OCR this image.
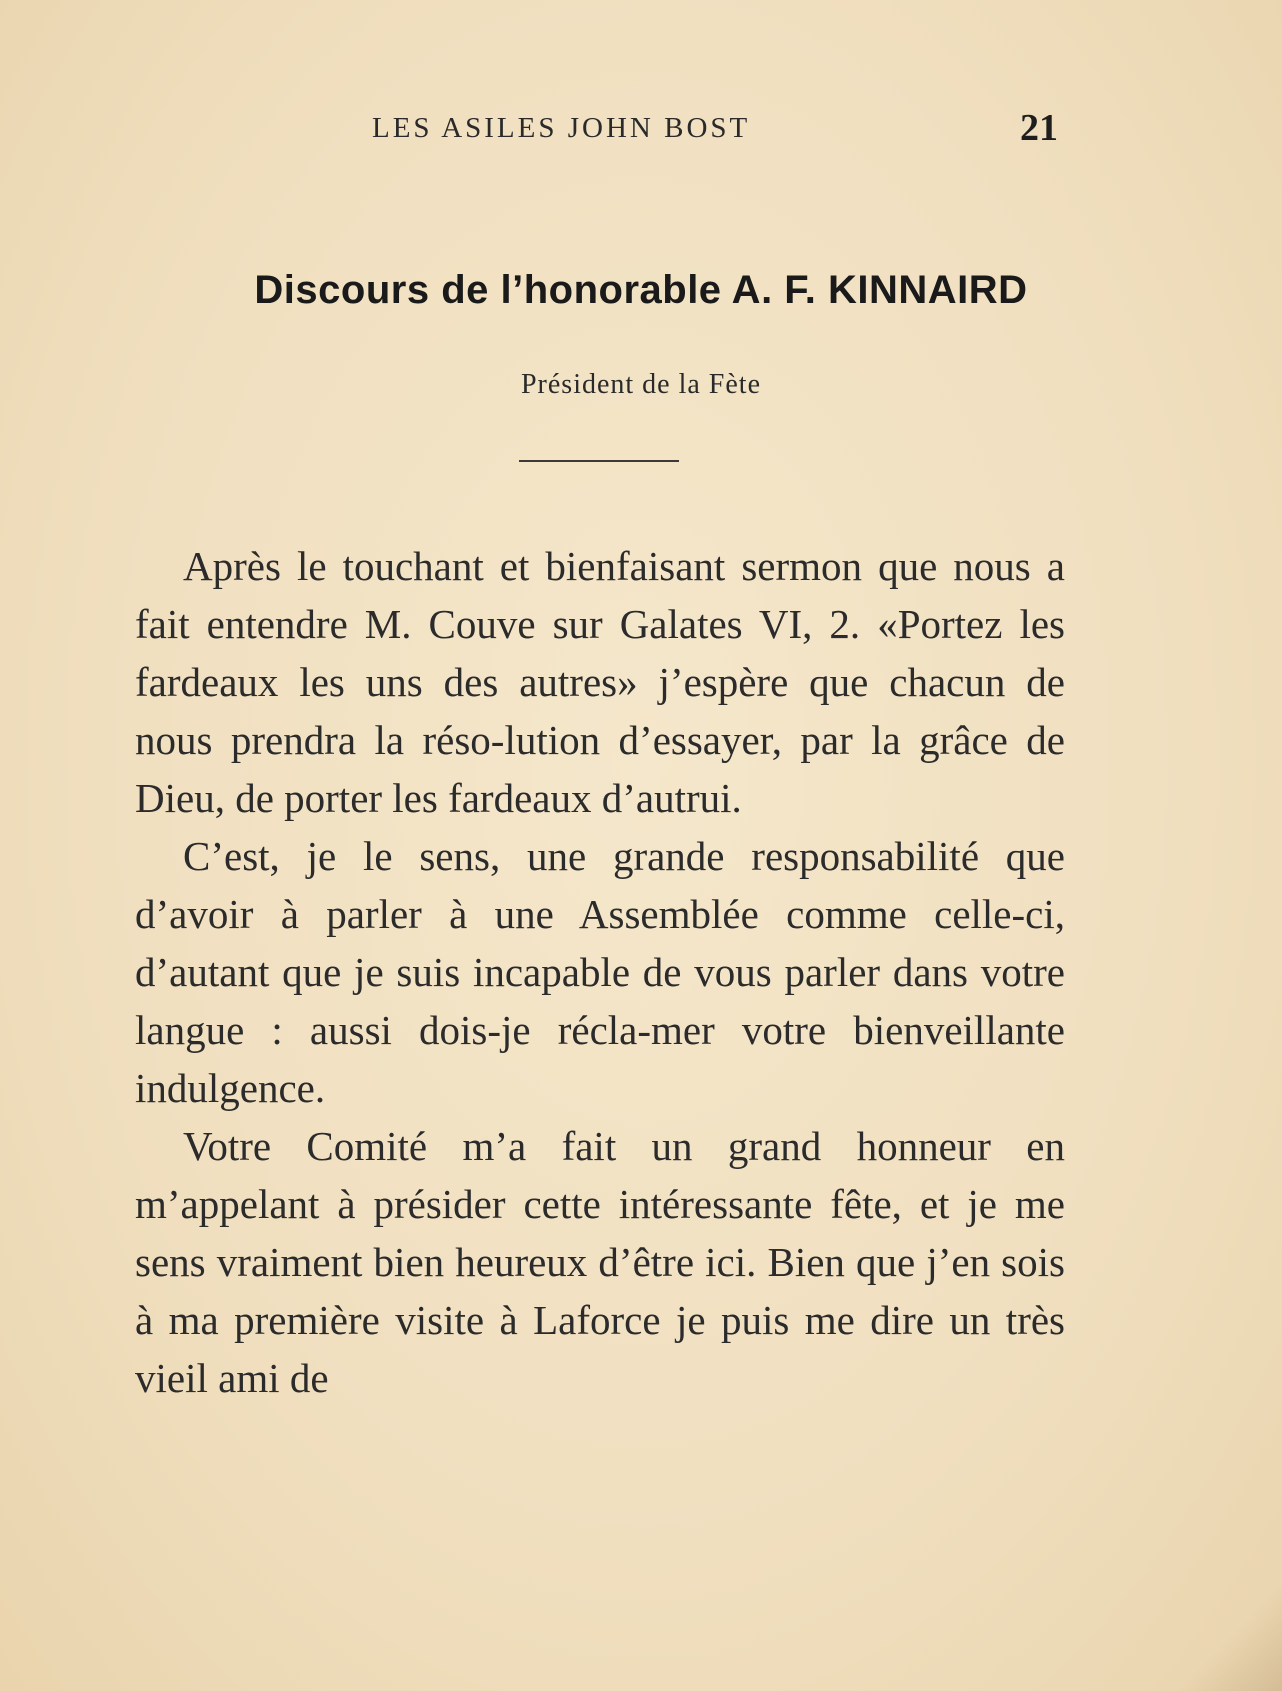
LES ASILES JOHN BOST	21
Discours de l’honorable A. F. KINNAIRD
Président de la Fète

Après le touchant et bienfaisant sermon que nous a fait entendre M. Couve sur Galates VI, 2. «Portez les fardeaux les uns des autres» j’espère que chacun de nous prendra la réso-lution d’essayer, par la grâce de Dieu, de porter les fardeaux d’autrui.

C’est, je le sens, une grande responsabilité que d’avoir à parler à une Assemblée comme celle-ci, d’autant que je suis incapable de vous parler dans votre langue : aussi dois-je récla-mer votre bienveillante indulgence.

Votre Comité m’a fait un grand honneur en m’appelant à présider cette intéressante fête, et je me sens vraiment bien heureux d’être ici. Bien que j’en sois à ma première visite à Laforce je puis me dire un très vieil ami de
